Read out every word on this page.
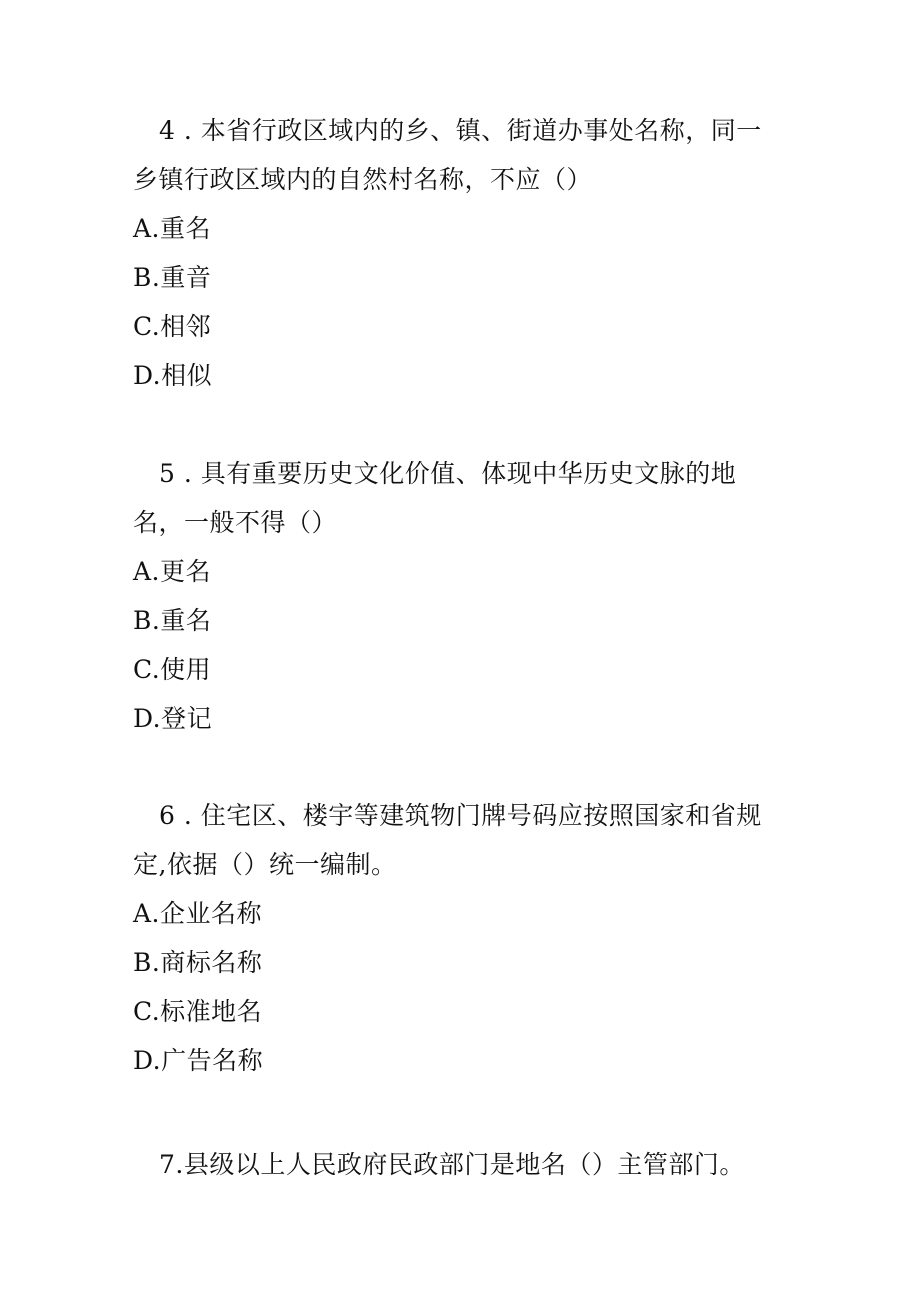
4 . 本省行政区域内的乡、镇、街道办事处名称，同一乡镇行政区域内的自然村名称，不应（）

A.重名

B.重音

C.相邻

D.相似

5 . 具有重要历史文化价值、体现中华历史文脉的地名，一般不得（）

A.更名

B.重名

C.使用

D.登记

6 . 住宅区、楼宇等建筑物门牌号码应按照国家和省规定,依据（）统一编制。

A.企业名称

B.商标名称

C.标准地名

D.广告名称

7.县级以上人民政府民政部门是地名（）主管部门。
